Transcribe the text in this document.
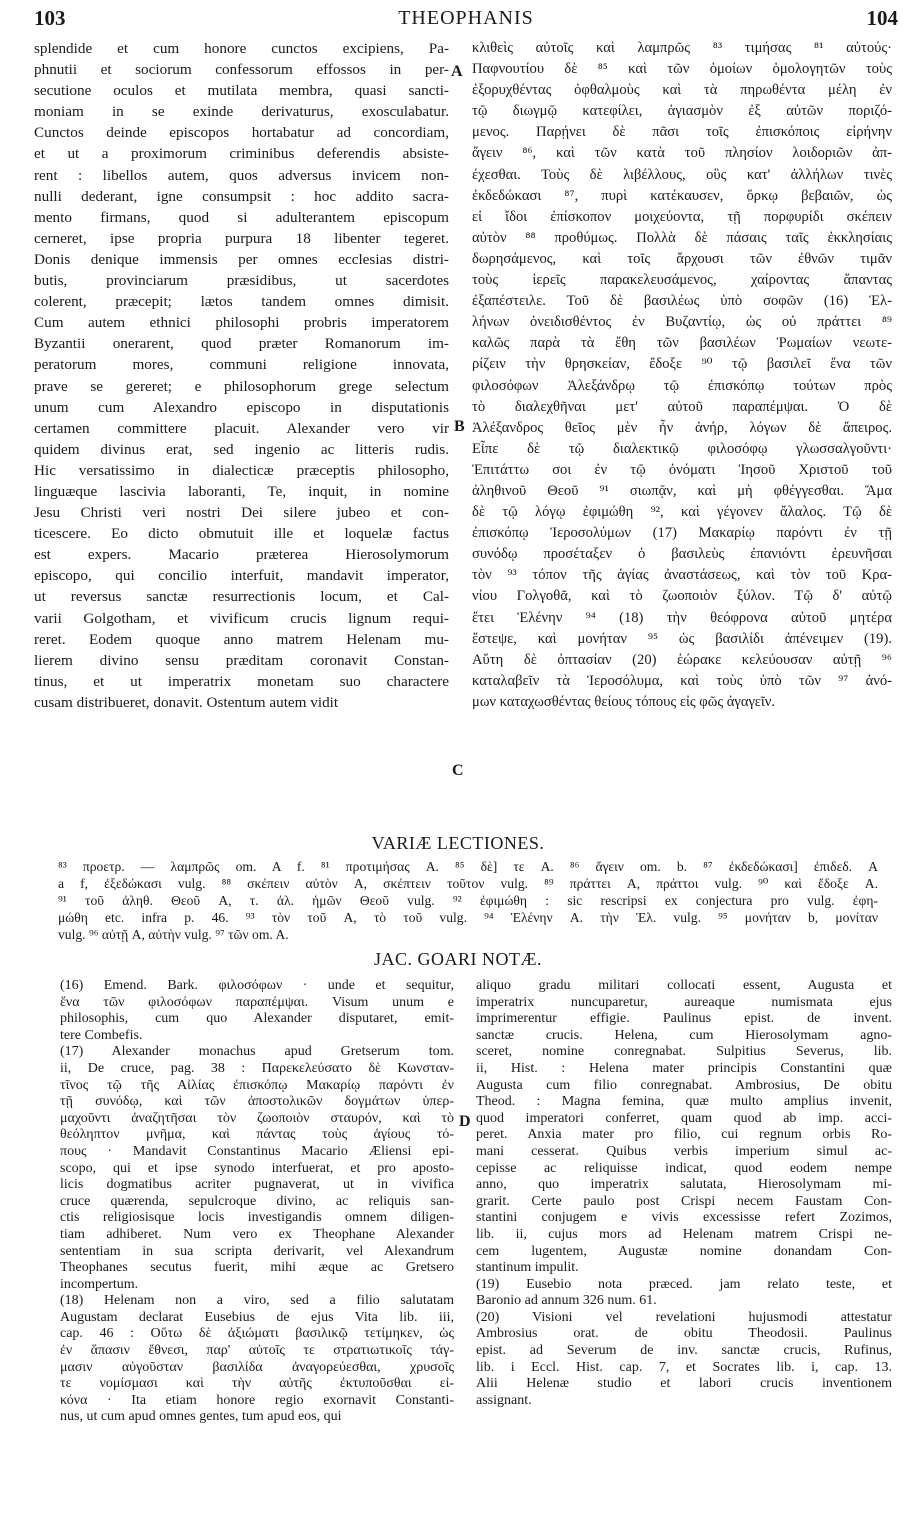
103	THEOPHANIS	104
splendide et cum honore cunctos excipiens, Pa-
phnutii et sociorum confessorum effossos in per-
secutione oculos et mutilata membra, quasi sancti-
moniam in se exinde derivaturus, exosculabatur.
Cunctos deinde episcopos hortabatur ad concordiam,
et ut a proximorum criminibus deferendis absiste-
rent : libellos autem, quos adversus invicem non-
nulli dederant, igne consumpsit : hoc addito sacra-
mento firmans, quod si adulterantem episcopum
cerneret, ipse propria purpura 18 libenter tegeret.
Donis denique immensis per omnes ecclesias distri-
butis, provinciarum præsidibus, ut sacerdotes
colerent, præcepit; lætos tandem omnes dimisit.
Cum autem ethnici philosophi probris imperatorem
Byzantii onerarent, quod præter Romanorum im-
peratorum mores, communi religione innovata,
prave se gereret; e philosophorum grege selectum
unum cum Alexandro episcopo in disputationis
certamen committere placuit. Alexander vero vir
quidem divinus erat, sed ingenio ac litteris rudis.
Hic versatissimo in dialecticæ præceptis philosopho,
linguæque lascivia laboranti, Te, inquit, in nomine
Jesu Christi veri nostri Dei silere jubeo et con-
ticescere. Eo dicto obmutuit ille et loquelæ factus
est expers. Macario præterea Hierosolymorum
episcopo, qui concilio interfuit, mandavit imperator,
ut reversus sanctæ resurrectionis locum, et Cal-
varii Golgotham, et vivificum crucis lignum requi-
reret. Eodem quoque anno matrem Helenam mu-
lierem divino sensu præditam coronavit Constan-
tinus, et ut imperatrix monetam suo charactere
cusam distribueret, donavit. Ostentum autem vidit
κλιθεὶς αὐτοῖς καὶ λαμπρῶς ⁸³ τιμήσας ⁸¹ αὐτούς·
Παφνουτίου δὲ ⁸⁵ καὶ τῶν ὁμοίων ὁμολογητῶν τοὺς
ἐξορυχθέντας ὀφθαλμοὺς καὶ τὰ πηρωθέντα μέλη ἐν
τῷ διωγμῷ κατεφίλει, ἁγιασμὸν ἐξ αὐτῶν ποριζό-
μενος. Παρῄνει δὲ πᾶσι τοῖς ἐπισκόποις εἰρήνην
ἄγειν ⁸⁶, καὶ τῶν κατὰ τοῦ πλησίον λοιδοριῶν ἀπ-
έχεσθαι. Τοὺς δὲ λιβέλλους, οὓς κατ' ἀλλήλων τινὲς
ἐκδεδώκασι ⁸⁷, πυρὶ κατέκαυσεν, ὅρκῳ βεβαιῶν, ὡς
εἰ ἴδοι ἐπίσκοπον μοιχεύοντα, τῇ πορφυρίδι σκέπειν
αὐτὸν ⁸⁸ προθύμως. Πολλὰ δὲ πάσαις ταῖς ἐκκλησίαις
δωρησάμενος, καὶ τοῖς ἄρχουσι τῶν ἐθνῶν τιμᾶν
τοὺς ἱερεῖς παρακελευσάμενος, χαίροντας ἅπαντας
ἐξαπέστειλε. Τοῦ δὲ βασιλέως ὑπὸ σοφῶν (16) Ἑλ-
λήνων ὀνειδισθέντος ἐν Βυζαντίῳ, ὡς οὐ πράττει ⁸⁹
καλῶς παρὰ τὰ ἔθη τῶν βασιλέων Ῥωμαίων νεωτε-
ρίζειν τὴν θρησκείαν, ἔδοξε ⁹⁰ τῷ βασιλεῖ ἕνα τῶν
φιλοσόφων Ἀλεξάνδρῳ τῷ ἐπισκόπῳ τούτων πρὸς
τὸ διαλεχθῆναι μετ' αὐτοῦ παραπέμψαι. Ὁ δὲ
Ἀλέξανδρος θεῖος μὲν ἦν ἀνήρ, λόγων δὲ ἄπειρος.
Εἶπε δὲ τῷ διαλεκτικῷ φιλοσόφῳ γλωσσαλγοῦντι·
Ἐπιτάττω σοι ἐν τῷ ὀνόματι Ἰησοῦ Χριστοῦ τοῦ
ἀληθινοῦ Θεοῦ ⁹¹ σιωπᾷν, καὶ μὴ φθέγγεσθαι. Ἅμα
δὲ τῷ λόγῳ ἐφιμώθη ⁹², καὶ γέγονεν ἄλαλος. Τῷ δὲ
ἐπισκόπῳ Ἱεροσολύμων (17) Μακαρίῳ παρόντι ἐν τῇ
συνόδῳ προσέταξεν ὁ βασιλεὺς ἐπανιόντι ἐρευνῆσαι
τὸν ⁹³ τόπον τῆς ἁγίας ἀναστάσεως, καὶ τὸν τοῦ Κρα-
νίου Γολγοθᾶ, καὶ τὸ ζωοποιὸν ξύλον. Τῷ δ' αὐτῷ
ἔτει Ἑλένην ⁹⁴ (18) τὴν θεόφρονα αὐτοῦ μητέρα
ἔστεψε, καὶ μονήταν ⁹⁵ ὡς βασιλίδι ἀπένειμεν (19).
Αὕτη δὲ ὀπτασίαν (20) ἑώρακε κελεύουσαν αὐτῇ ⁹⁶
καταλαβεῖν τὰ Ἱεροσόλυμα, καὶ τοὺς ὑπὸ τῶν ⁹⁷ ἀνό-
μων καταχωσθέντας θείους τόπους εἰς φῶς ἀγαγεῖν.
A
B
C
D
VARIÆ LECTIONES.
⁸³ προετρ. — λαμπρῶς om. A f. ⁸¹ προτιμήσας A. ⁸⁵ δὲ] τε A. ⁸⁶ ἄγειν om. b. ⁸⁷ ἐκδεδώκασι] ἐπιδεδ. A
a f, ἐξεδώκασι vulg. ⁸⁸ σκέπειν αὐτὸν A, σκέπτειν τοῦτον vulg. ⁸⁹ πράττει A, πράττοι vulg. ⁹⁰ καὶ ἔδοξε A.
⁹¹ τοῦ ἀληθ. Θεοῦ A, τ. ἀλ. ἡμῶν Θεοῦ vulg. ⁹² ἐφιμώθη : sic rescripsi ex conjectura pro vulg. ἐφη-
μώθη etc. infra p. 46. ⁹³ τὸν τοῦ A, τὸ τοῦ vulg. ⁹⁴ Ἑλένην A. τὴν Ἑλ. vulg. ⁹⁵ μονήταν b, μονίταν
vulg. ⁹⁶ αὐτῇ A, αὐτὴν vulg. ⁹⁷ τῶν om. A.
JAC. GOARI NOTÆ.
(16) Emend. Bark. φιλοσόφων · unde et sequitur,
ἕνα τῶν φιλοσόφων παραπέμψαι. Visum unum e
philosophis, cum quo Alexander disputaret, emit-
tere Combefis.
(17) Alexander monachus apud Gretserum tom.
ii, De cruce, pag. 38 : Παρεκελεύσατο δὲ Κωνσταν-
τῖνος τῷ τῆς Αἰλίας ἐπισκόπῳ Μακαρίῳ παρόντι ἐν
τῇ συνόδῳ, καὶ τῶν ἀποστολικῶν δογμάτων ὑπερ-
μαχοῦντι ἀναζητῆσαι τὸν ζωοποιὸν σταυρόν, καὶ τὸ
θεόληπτον μνῆμα, καὶ πάντας τοὺς ἁγίους τό-
πους · Mandavit Constantinus Macario Æliensi epi-
scopo, qui et ipse synodo interfuerat, et pro aposto-
licis dogmatibus acriter pugnaverat, ut in vivifica
cruce quærenda, sepulcroque divino, ac reliquis san-
ctis religiosisque locis investigandis omnem diligen-
tiam adhiberet. Num vero ex Theophane Alexander
sententiam in sua scripta derivarit, vel Alexandrum
Theophanes secutus fuerit, mihi æque ac Gretsero
incompertum.
(18) Helenam non a viro, sed a filio salutatam
Augustam declarat Eusebius de ejus Vita lib. iii,
cap. 46 : Οὕτω δὲ ἀξιώματι βασιλικῷ τετίμηκεν, ὡς
ἐν ἅπασιν ἔθνεσι, παρ' αὐτοῖς τε στρατιωτικοῖς τάγ-
μασιν αὐγοῦσταν βασιλίδα ἀναγορεύεσθαι, χρυσοῖς
τε νομίσμασι καὶ τὴν αὐτῆς ἐκτυποῦσθαι εἰ-
κόνα · Ita etiam honore regio exornavit Constanti-
nus, ut cum apud omnes gentes, tum apud eos, qui
aliquo gradu militari collocati essent, Augusta et
imperatrix nuncuparetur, aureaque numismata ejus
imprimerentur effigie. Paulinus epist. de invent.
sanctæ crucis. Helena, cum Hierosolymam agno-
sceret, nomine conregnabat. Sulpitius Severus, lib.
ii, Hist. : Helena mater principis Constantini quæ
Augusta cum filio conregnabat. Ambrosius, De obitu
Theod. : Magna femina, quæ multo amplius invenit,
quod imperatori conferret, quam quod ab imp. acci-
peret. Anxia mater pro filio, cui regnum orbis Ro-
mani cesserat. Quibus verbis imperium simul ac-
cepisse ac reliquisse indicat, quod eodem nempe
anno, quo imperatrix salutata, Hierosolymam mi-
grarit. Certe paulo post Crispi necem Faustam Con-
stantini conjugem e vivis excessisse refert Zozimos,
lib. ii, cujus mors ad Helenam matrem Crispi ne-
cem lugentem, Augustæ nomine donandam Con-
stantinum impulit.
(19) Eusebio nota præced. jam relato teste, et
Baronio ad annum 326 num. 61.
(20) Visioni vel revelationi hujusmodi attestatur
Ambrosius orat. de obitu Theodosii. Paulinus
epist. ad Severum de inv. sanctæ crucis, Rufinus,
lib. i Eccl. Hist. cap. 7, et Socrates lib. i, cap. 13.
Alii Helenæ studio et labori crucis inventionem
assignant.
